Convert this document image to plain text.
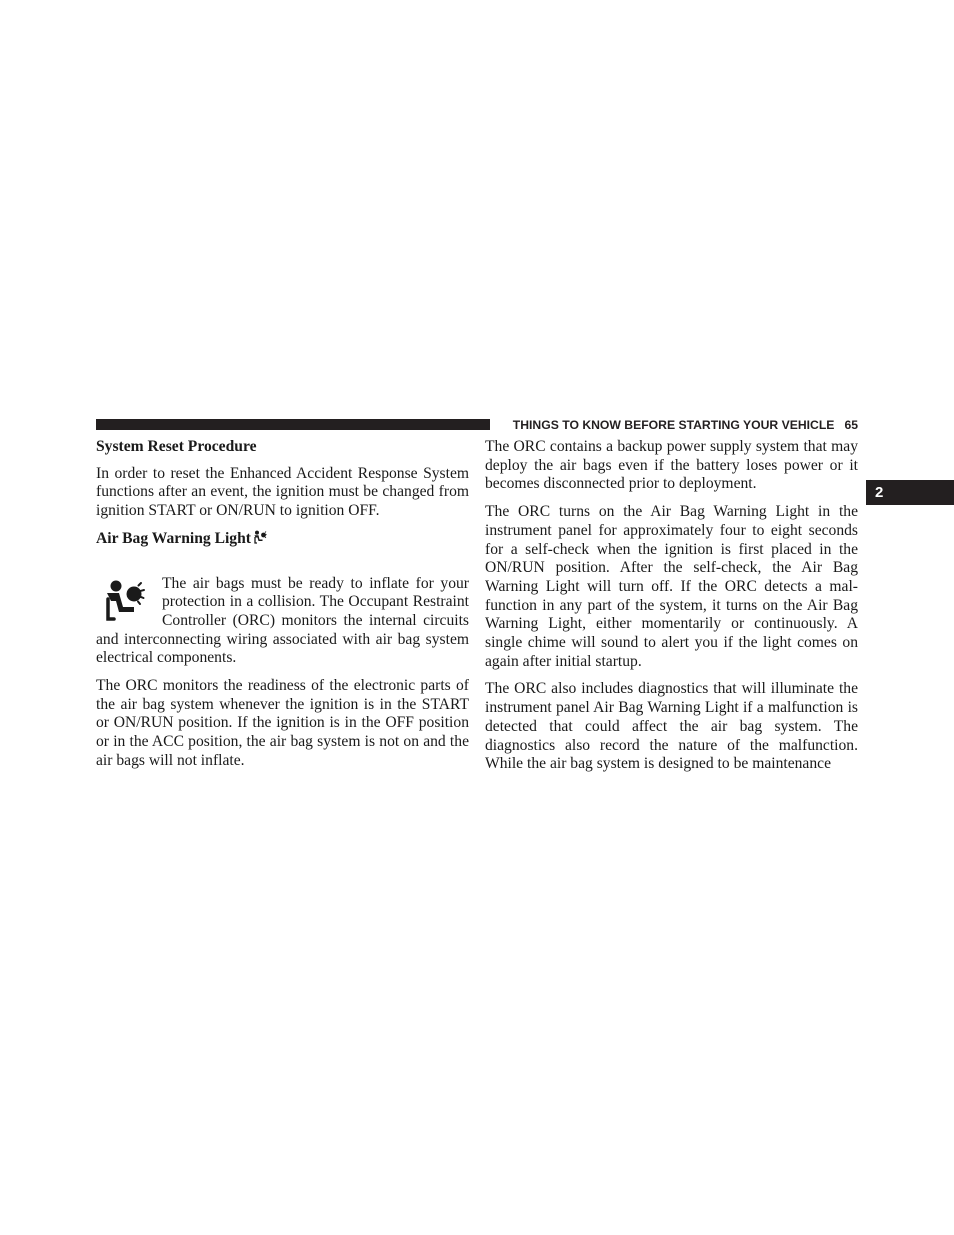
THINGS TO KNOW BEFORE STARTING YOUR VEHICLE 65
2
System Reset Procedure

In order to reset the Enhanced Accident Response System functions after an event, the ignition must be changed from ignition START or ON/RUN to ignition OFF.

Air Bag Warning Light

The air bags must be ready to inflate for your protection in a collision. The Occupant Restraint Controller (ORC) monitors the internal circuits and interconnecting wiring associated with air bag system electrical components.

The ORC monitors the readiness of the electronic parts of the air bag system whenever the ignition is in the START or ON/RUN position. If the ignition is in the OFF position or in the ACC position, the air bag system is not on and the air bags will not inflate.

The ORC contains a backup power supply system that may deploy the air bags even if the battery loses power or it becomes disconnected prior to deployment.

The ORC turns on the Air Bag Warning Light in the instrument panel for approximately four to eight seconds for a self-check when the ignition is first placed in the ON/RUN position. After the self-check, the Air Bag Warning Light will turn off. If the ORC detects a malfunction in any part of the system, it turns on the Air Bag Warning Light, either momentarily or continuously. A single chime will sound to alert you if the light comes on again after initial startup.

The ORC also includes diagnostics that will illuminate the instrument panel Air Bag Warning Light if a malfunction is detected that could affect the air bag system. The diagnostics also record the nature of the malfunction. While the air bag system is designed to be maintenance
